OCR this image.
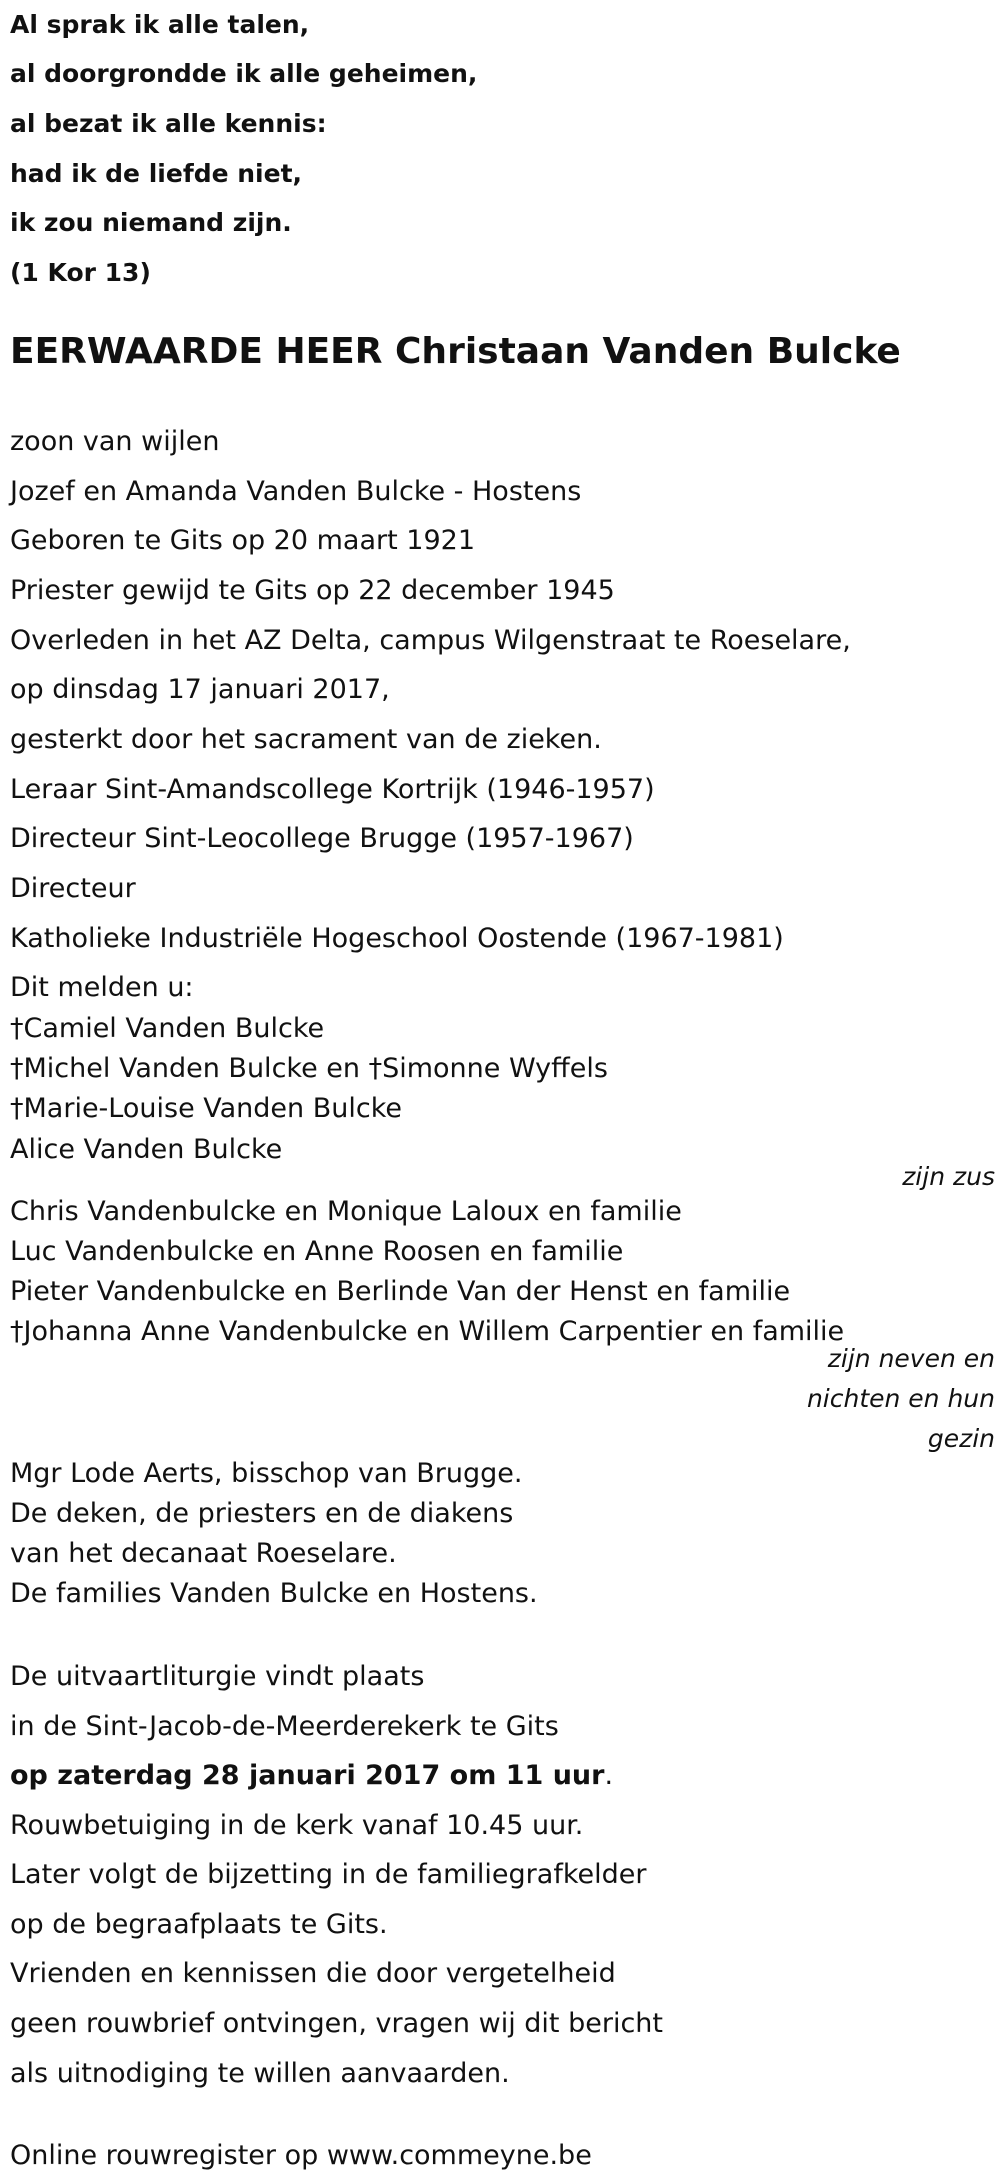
Al sprak ik alle talen,
al doorgrondde ik alle geheimen,
al bezat ik alle kennis:
had ik de liefde niet,
ik zou niemand zijn.
(1 Kor 13)
EERWAARDE HEER Christaan Vanden Bulcke
zoon van wijlen
Jozef en Amanda Vanden Bulcke - Hostens
Geboren te Gits op 20 maart 1921
Priester gewijd te Gits op 22 december 1945
Overleden in het AZ Delta, campus Wilgenstraat te Roeselare,
op dinsdag 17 januari 2017,
gesterkt door het sacrament van de zieken.
Leraar Sint-Amandscollege Kortrijk (1946-1957)
Directeur Sint-Leocollege Brugge (1957-1967)
Directeur
Katholieke Industriële Hogeschool Oostende (1967-1981)
Dit melden u:
†Camiel Vanden Bulcke
†Michel Vanden Bulcke en †Simonne Wyffels
†Marie-Louise Vanden Bulcke
Alice Vanden Bulcke
zijn zus
Chris Vandenbulcke en Monique Laloux en familie
Luc Vandenbulcke en Anne Roosen en familie
Pieter Vandenbulcke en Berlinde Van der Henst en familie
†Johanna Anne Vandenbulcke en Willem Carpentier en familie
zijn neven en
nichten en hun
gezin
Mgr Lode Aerts, bisschop van Brugge.
De deken, de priesters en de diakens
van het decanaat Roeselare.
De families Vanden Bulcke en Hostens.
De uitvaartliturgie vindt plaats
in de Sint-Jacob-de-Meerderekerk te Gits
op zaterdag 28 januari 2017 om 11 uur.
Rouwbetuiging in de kerk vanaf 10.45 uur.
Later volgt de bijzetting in de familiegrafkelder
op de begraafplaats te Gits.
Vrienden en kennissen die door vergetelheid
geen rouwbrief ontvingen, vragen wij dit bericht
als uitnodiging te willen aanvaarden.
Online rouwregister op www.commeyne.be
